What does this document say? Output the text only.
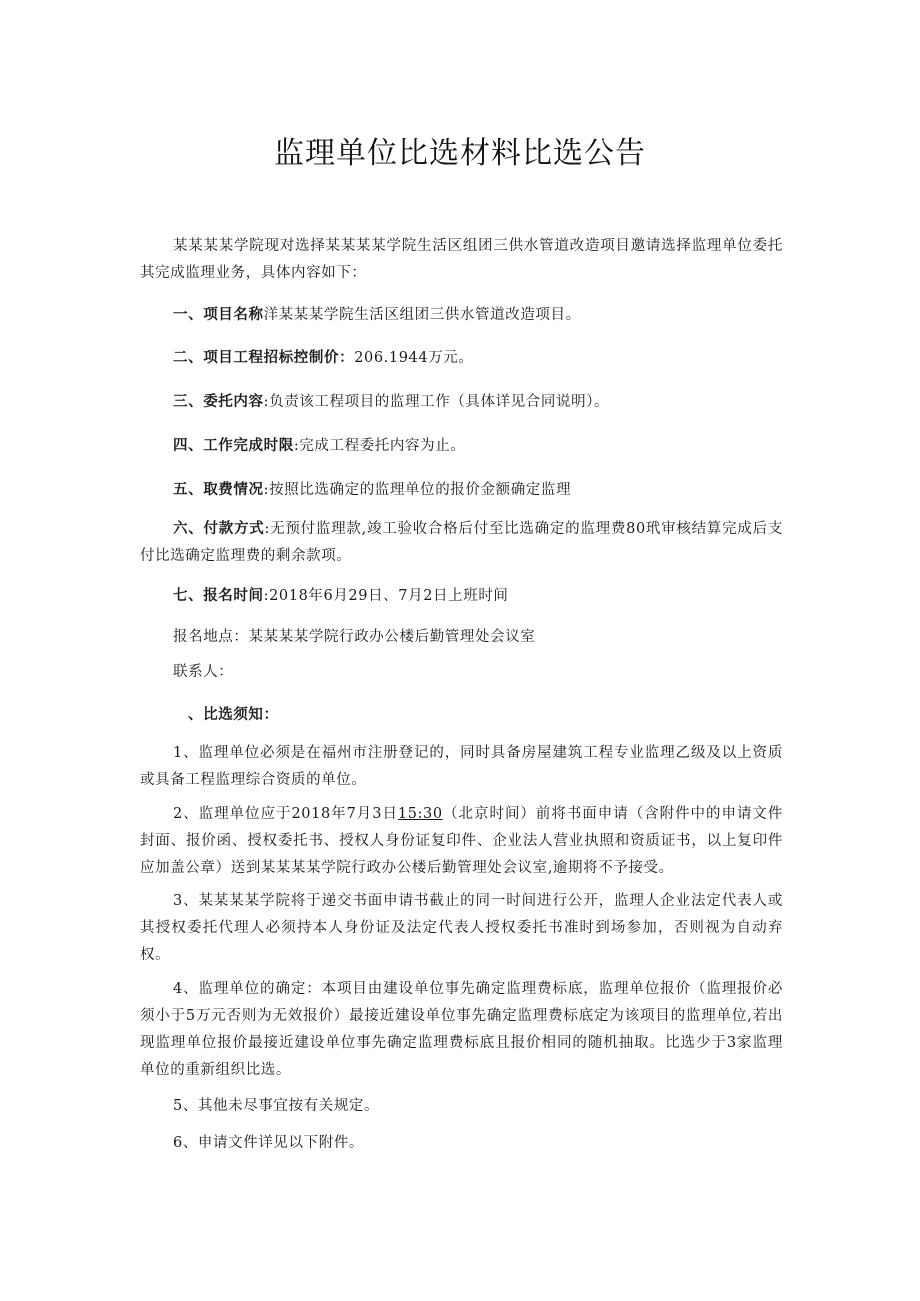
监理单位比选材料比选公告
某某某某学院现对选择某某某某学院生活区组团三供水管道改造项目邀请选择监理单位委托其完成监理业务，具体内容如下：
一、项目名称洋某某某学院生活区组团三供水管道改造项目。
二、项目工程招标控制价：206.1944万元。
三、委托内容:负责该工程项目的监理工作（具体详见合同说明）。
四、工作完成时限:完成工程委托内容为止。
五、取费情况:按照比选确定的监理单位的报价金额确定监理
六、付款方式:无预付监理款,竣工验收合格后付至比选确定的监理费80玳审核结算完成后支付比选确定监理费的剩余款项。
七、报名时间:2018年6月29日、7月2日上班时间
报名地点：某某某某学院行政办公楼后勤管理处会议室
联系人：
、比选须知：
1、监理单位必须是在福州市注册登记的，同时具备房屋建筑工程专业监理乙级及以上资质或具备工程监理综合资质的单位。
2、监理单位应于2018年7月3日15:30（北京时间）前将书面申请（含附件中的申请文件封面、报价函、授权委托书、授权人身份证复印件、企业法人营业执照和资质证书，以上复印件应加盖公章）送到某某某某学院行政办公楼后勤管理处会议室,逾期将不予接受。
3、某某某某学院将于递交书面申请书截止的同一时间进行公开，监理人企业法定代表人或其授权委托代理人必须持本人身份证及法定代表人授权委托书准时到场参加，否则视为自动弃权。
4、监理单位的确定：本项目由建设单位事先确定监理费标底，监理单位报价（监理报价必须小于5万元否则为无效报价）最接近建设单位事先确定监理费标底定为该项目的监理单位,若出现监理单位报价最接近建设单位事先确定监理费标底且报价相同的随机抽取。比选少于3家监理单位的重新组织比选。
5、其他未尽事宜按有关规定。
6、申请文件详见以下附件。
